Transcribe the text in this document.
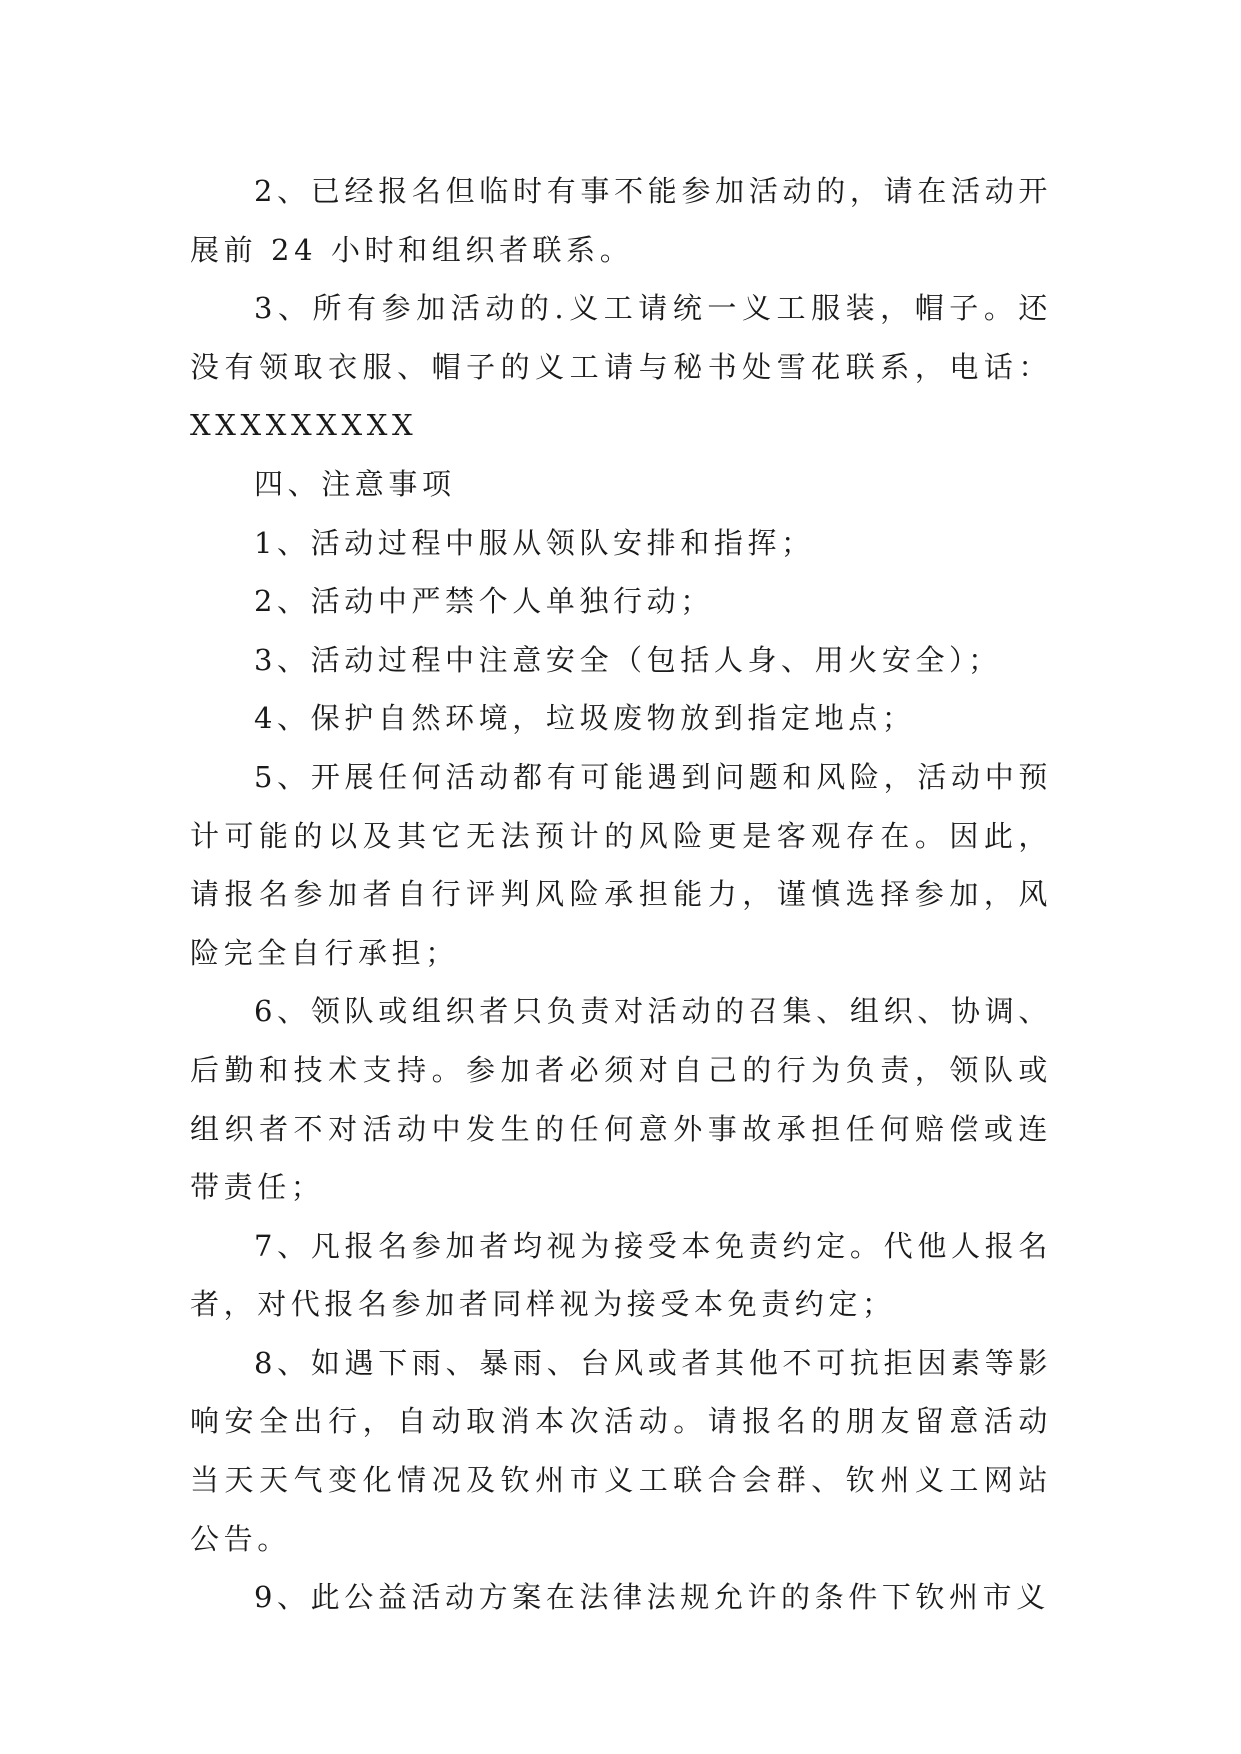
2、已经报名但临时有事不能参加活动的，请在活动开展前 24 小时和组织者联系。

3、所有参加活动的.义工请统一义工服装，帽子。还没有领取衣服、帽子的义工请与秘书处雪花联系，电话：XXXXXXXXX

四、注意事项

1、活动过程中服从领队安排和指挥；

2、活动中严禁个人单独行动；

3、活动过程中注意安全（包括人身、用火安全）；

4、保护自然环境，垃圾废物放到指定地点；

5、开展任何活动都有可能遇到问题和风险，活动中预计可能的以及其它无法预计的风险更是客观存在。因此，请报名参加者自行评判风险承担能力，谨慎选择参加，风险完全自行承担；

6、领队或组织者只负责对活动的召集、组织、协调、后勤和技术支持。参加者必须对自己的行为负责，领队或组织者不对活动中发生的任何意外事故承担任何赔偿或连带责任；

7、凡报名参加者均视为接受本免责约定。代他人报名者，对代报名参加者同样视为接受本免责约定；

8、如遇下雨、暴雨、台风或者其他不可抗拒因素等影响安全出行，自动取消本次活动。请报名的朋友留意活动当天天气变化情况及钦州市义工联合会群、钦州义工网站公告。

9、此公益活动方案在法律法规允许的条件下钦州市义
